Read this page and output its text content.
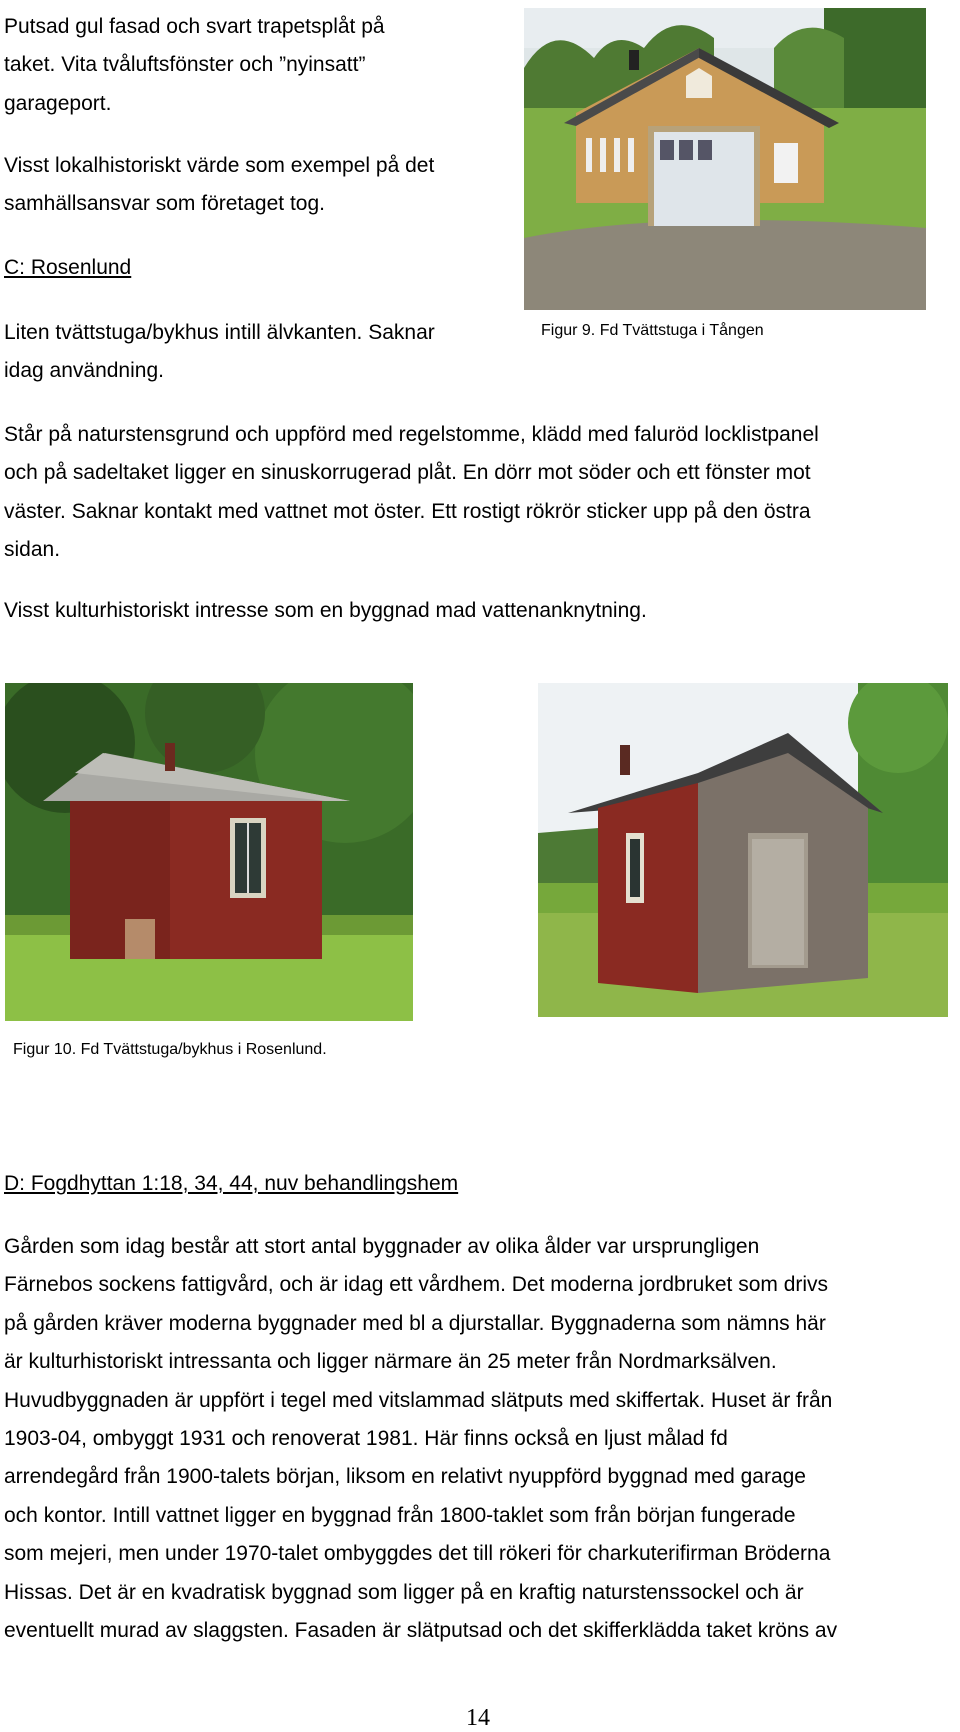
Putsad gul fasad och svart trapetsplåt på
taket. Vita tvåluftsfönster och ”nyinsatt”
garageport.
Visst lokalhistoriskt värde som exempel på det
samhällsansvar som företaget tog.
C: Rosenlund
Liten tvättstuga/bykhus intill älvkanten. Saknar
idag användning.
Figur 9. Fd Tvättstuga i Tången
Står på naturstensgrund och uppförd med regelstomme, klädd med faluröd locklistpanel
och på sadeltaket ligger en sinuskorrugerad plåt. En dörr mot söder och ett fönster mot
väster. Saknar kontakt med vattnet mot öster. Ett rostigt rökrör sticker upp på den östra
sidan.
Visst kulturhistoriskt intresse som en byggnad mad vattenanknytning.
Figur 10. Fd Tvättstuga/bykhus i Rosenlund.
D: Fogdhyttan 1:18, 34, 44, nuv behandlingshem
Gården som idag består att stort antal byggnader av olika ålder var ursprungligen
Färnebos sockens fattigvård, och är idag ett vårdhem. Det moderna jordbruket som drivs
på gården kräver moderna byggnader med bl a djurstallar. Byggnaderna som nämns här
är kulturhistoriskt intressanta och ligger närmare än 25 meter från Nordmarksälven.
Huvudbyggnaden är uppfört i tegel med vitslammad slätputs med skiffertak. Huset är från
1903-04, ombyggt 1931 och renoverat 1981. Här finns också en ljust målad fd
arrendegård från 1900-talets början, liksom en relativt nyuppförd byggnad med garage
och kontor. Intill vattnet ligger en byggnad från 1800-taklet som från början fungerade
som mejeri, men under 1970-talet ombyggdes det till rökeri för charkuterifirman Bröderna
Hissas. Det är en kvadratisk byggnad som ligger på en kraftig naturstenssockel och är
eventuellt murad av slaggsten. Fasaden är slätputsad och det skifferklädda taket kröns av
14
